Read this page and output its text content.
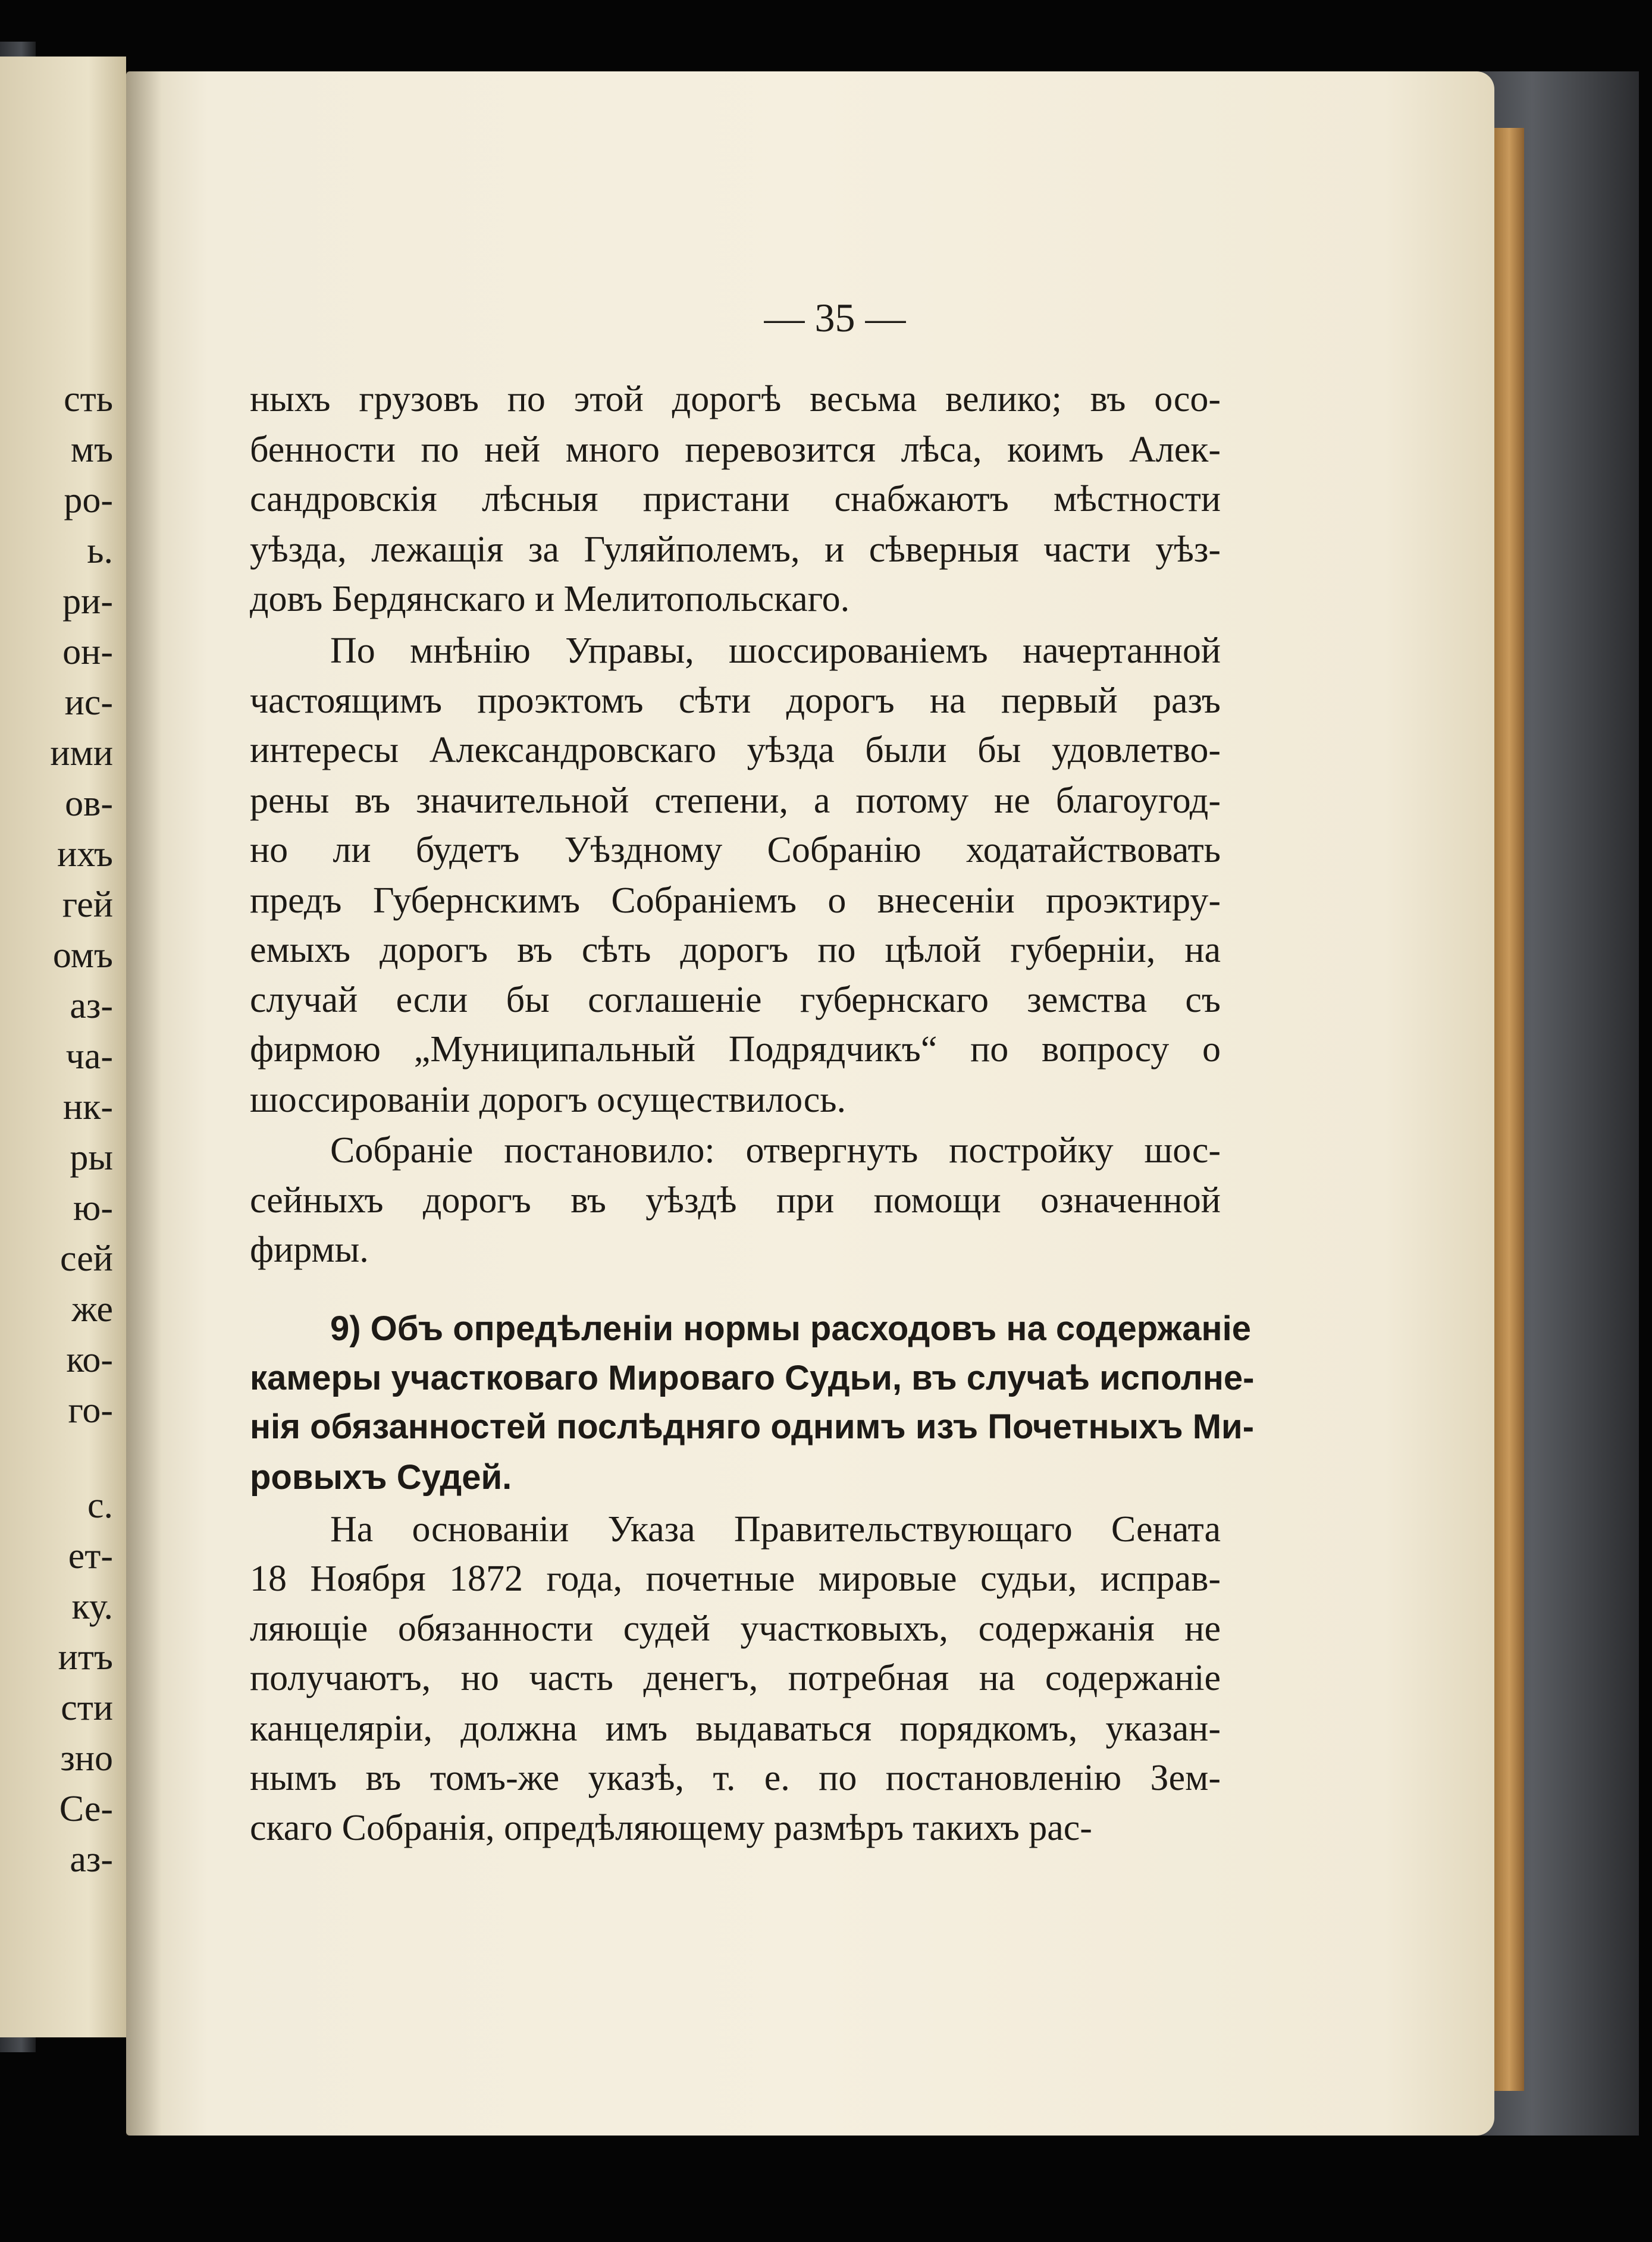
сть
мъ
ро-
ь.
ри-
он-
ис-
ими
ов-
ихъ
гей
омъ
аз-
ча-
нк-
ры
ю-
сей
же
ко-
го-
с.
ет-
ку.
итъ
сти
зно
Се-
аз-
— 35 —
ныхъ грузовъ по этой дорогѣ весьма велико; въ осо-
бенности по ней много перевозится лѣса, коимъ Алек-
сандровскія лѣсныя пристани снабжаютъ мѣстности
уѣзда, лежащія за Гуляйполемъ, и сѣверныя части уѣз-
довъ Бердянскаго и Мелитопольскаго.
По мнѣнію Управы, шоссированіемъ начертанной
частоящимъ проэктомъ сѣти дорогъ на первый разъ
интересы Александровскаго уѣзда были бы удовлетво-
рены въ значительной степени, а потому не благоугод-
но ли будетъ Уѣздному Собранію ходатайствовать
предъ Губернскимъ Собраніемъ о внесеніи проэктиру-
емыхъ дорогъ въ сѣть дорогъ по цѣлой губерніи, на
случай если бы соглашеніе губернскаго земства съ
фирмою „Муниципальный Подрядчикъ“ по вопросу о
шоссированіи дорогъ осуществилось.
Собраніе постановило: отвергнуть постройку шос-
сейныхъ дорогъ въ уѣздѣ при помощи означенной
фирмы.
9) Объ опредѣленіи нормы расходовъ на содержаніе
камеры участковаго Мироваго Судьи, въ случаѣ исполне-
нія обязанностей послѣдняго однимъ изъ Почетныхъ Ми-
ровыхъ Судей.
На основаніи Указа Правительствующаго Сената
18 Ноября 1872 года, почетные мировые судьи, исправ-
ляющіе обязанности судей участковыхъ, содержанія не
получаютъ, но часть денегъ, потребная на содержаніе
канцеляріи, должна имъ выдаваться порядкомъ, указан-
нымъ въ томъ-же указѣ, т. е. по постановленію Зем-
скаго Собранія, опредѣляющему размѣръ такихъ рас-
